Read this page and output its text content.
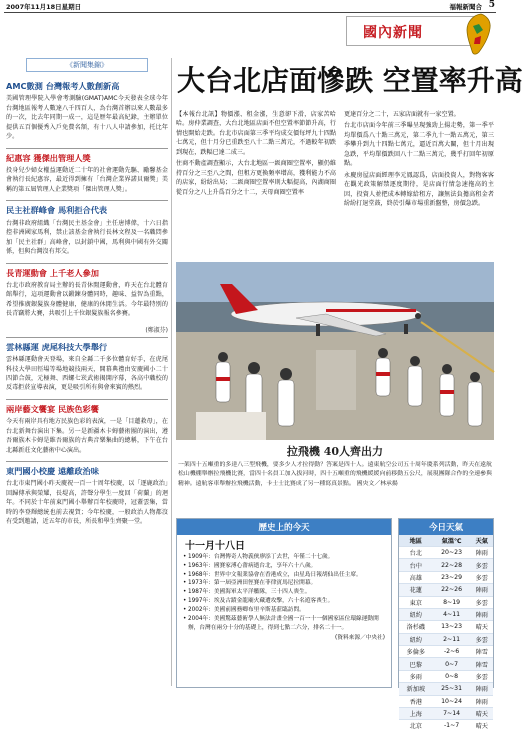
2007年11月18日星期日	福報新聞合 5
國內新聞
《新聞集錦》
AMC數測 台灣報考人數創新高
美國管理學院入學會考測驗(GMAT)AMC今天發表全球今年台灣地區報考人數達八千四百人，為台灣首辦以來人數最多的一次，比去年同期一成一，這是歷年最高紀錄，主辦單位提供五百個優秀入戶免費名額，有十八人申請參加，托比年少。
紀惠容 獲傑出管理人獎
投身兒少婦女權益運動近二十年的社會運動先驅、勵馨基金會執行長紀惠容，最近得到擁有「台灣企業界諾貝爾獎」美稱的第五屆管理人企業獎項「傑出管理人獎」。
民主社群峰會 馬利拒合代表
台灣非政府組織「台灣民主基金會」主任唐博偉，十六日指控非洲國家馬利，禁止該基金會執行長林文程及一名職問參加「民主社群」高峰會，以封鎖中國，馬利與中國有外交關係，但與台灣沒有邦交。
長青運動會 上千老人參加
台北市政府教育局主辦的長青休閒運動會，昨天在台北體育館舉行，這項運動會以鍛鍊身體同時，趣味、益智為重點，希望推廣銀髮族身體健康，健康的休閒生活。今年最特別的長青竊將大賽，共吸引上千位銀髮族報名參賽。
(鄭淑芬)
雲林縣運 虎尾科技大學舉行
雲林縣運動會天登場，來自全縣二千多位體育好手，在虎尾科技大學田徑場等場地競技兩天，開幕典禮由安慶國小二十四節合鼓，元極舞、西螺七崁武術揭開序幕，各高中職校的反毒拒菸宣導表演，更是吸引所有與會來賓的熱烈。
兩岸藝文饗宴 民族色彩饗
今天有兩岸具有地方民族色彩的表演，一是「目蓮救母」，在台北新舞台演出下集。另一是新疆木卡姆藝術團的演出，遵吾爾族木卡姆是維吾爾族的古典音樂集曲的總稱，下午在台北縣新莊文化藝術中心演出。
東門國小校慶 遠離政治味
台北市東門國小昨天慶祝一百一十周年校慶，以「逐鹿政治」回歸傳承與榮耀，長堤高，許聲分學生一度回「荷蘭」的迴年。不同於十年前東門國小舉辦百年校慶時，冠蓋雲集，當時的李登輝總統也前去視賀；今年校慶，一般政治人物都沒有受到邀請，近五年的市長，所長和學生齊聚一堂。
大台北店面慘跌 空置率升高

【本報台北訊】物價漲、租金漲，生意卻下滑，店家苦哈哈。房仲業調查，大台北地區店面不但空置率節節升高，行情也開始走跌。台北市店面第三季平均成交價每坪九十四點七萬元，但十月分已重跌至八十二點三萬元，不過較年初跌到現在，跌幅已達二成三。

住商不動產調查顯示，大台北地區一級商圈空置率，顯仍維持百分之三至八之間，但租方更換頻率增高，獲利能力不高的店家，紛紛出局；二級商圈空置率則大幅提高，內湖商圈從百分之八上升爲百分之十二，天母商圈空置率

更達百分之二十，五家店面就有一家空置。

台北市店面今年前三季曝呈現強勁上揚走勢，第一季平均單價爲八十點三萬元，第二季九十一點五萬元，第三季攀升到九十四點七萬元，逼近百萬大關，但十月出現急跌，平均單價跌回八十二點三萬元，幾乎打回年初原點。

永慶房屋店面經理李元鳳認爲，店面投資人，對物客客在觀光政策解禁逐度期待，是店面行情急速拖高的主因，投資人並把成本轉嫁給租方，讓無法負擔高租金者紛紛打退堂鼓，終於引爆市場重新盤整，房價急跌。

拉飛機 40人齊出力
一架四十五噸重的多達八三型飛機，要多少人才拉得動？答案是四十人。遠東航空公司五十周年慶系列活動，昨天在遠航松山機棚舉辦拉飛機比賽，當四十名員工加入拔河時，四十五噸重的飛機緩緩向前移動五公尺，展現團隊合作的全速參與精神。遠航客車舉辦拉飛機活動，卡士士比賽成了另一種寫真景點。 國央文／林承揚
歷史上的今天
十一月十八日
• 1909年：台灣傳奇人物義俠廖添丁去世，年僅二十七歲。
• 1963年：國賽家溥心畬病逝台北，享年六十八歲。
• 1968年：世界中文報業協會在香港成立，由星島日報胡仙出任主席。
• 1973年：第一屆亞洲田徑賽在菲律賓馬尼拉開幕。
• 1987年：美國海軍太平洋艦隊，三十四人喪生。
• 1997年：埃及古蹟金龍廟火藏遭攻擊，六十名遊客喪生。
• 2002年：美國前國務卿布里辛斯基蒞臨訪問。
• 2004年：美國驚茲藝術學人無法計畫全國一百一十一個國家區位環線運動開辦，台灣在兩分十分的基礎上，得到七點二六分，排名二十一。
(資料來源／中央社)
今日天氣
地區	氣溫℃	天氣
台北	20~23	陣雨
台中	22~28	多雲
高雄	23~29	多雲
花蓮	22~26	陣雨
東京	8~19	多雲
紐約	4~11	陣雨
洛杉磯	13~23	晴天
紐約	2~11	多雲
多倫多	-2~6	陣雪
巴黎	0~7	陣雪
多雨	0~8	多雲
新加坡	25~31	陣雨
香港	10~24	陣雨
上海	7~14	晴天
北京	-1~7	晴天
